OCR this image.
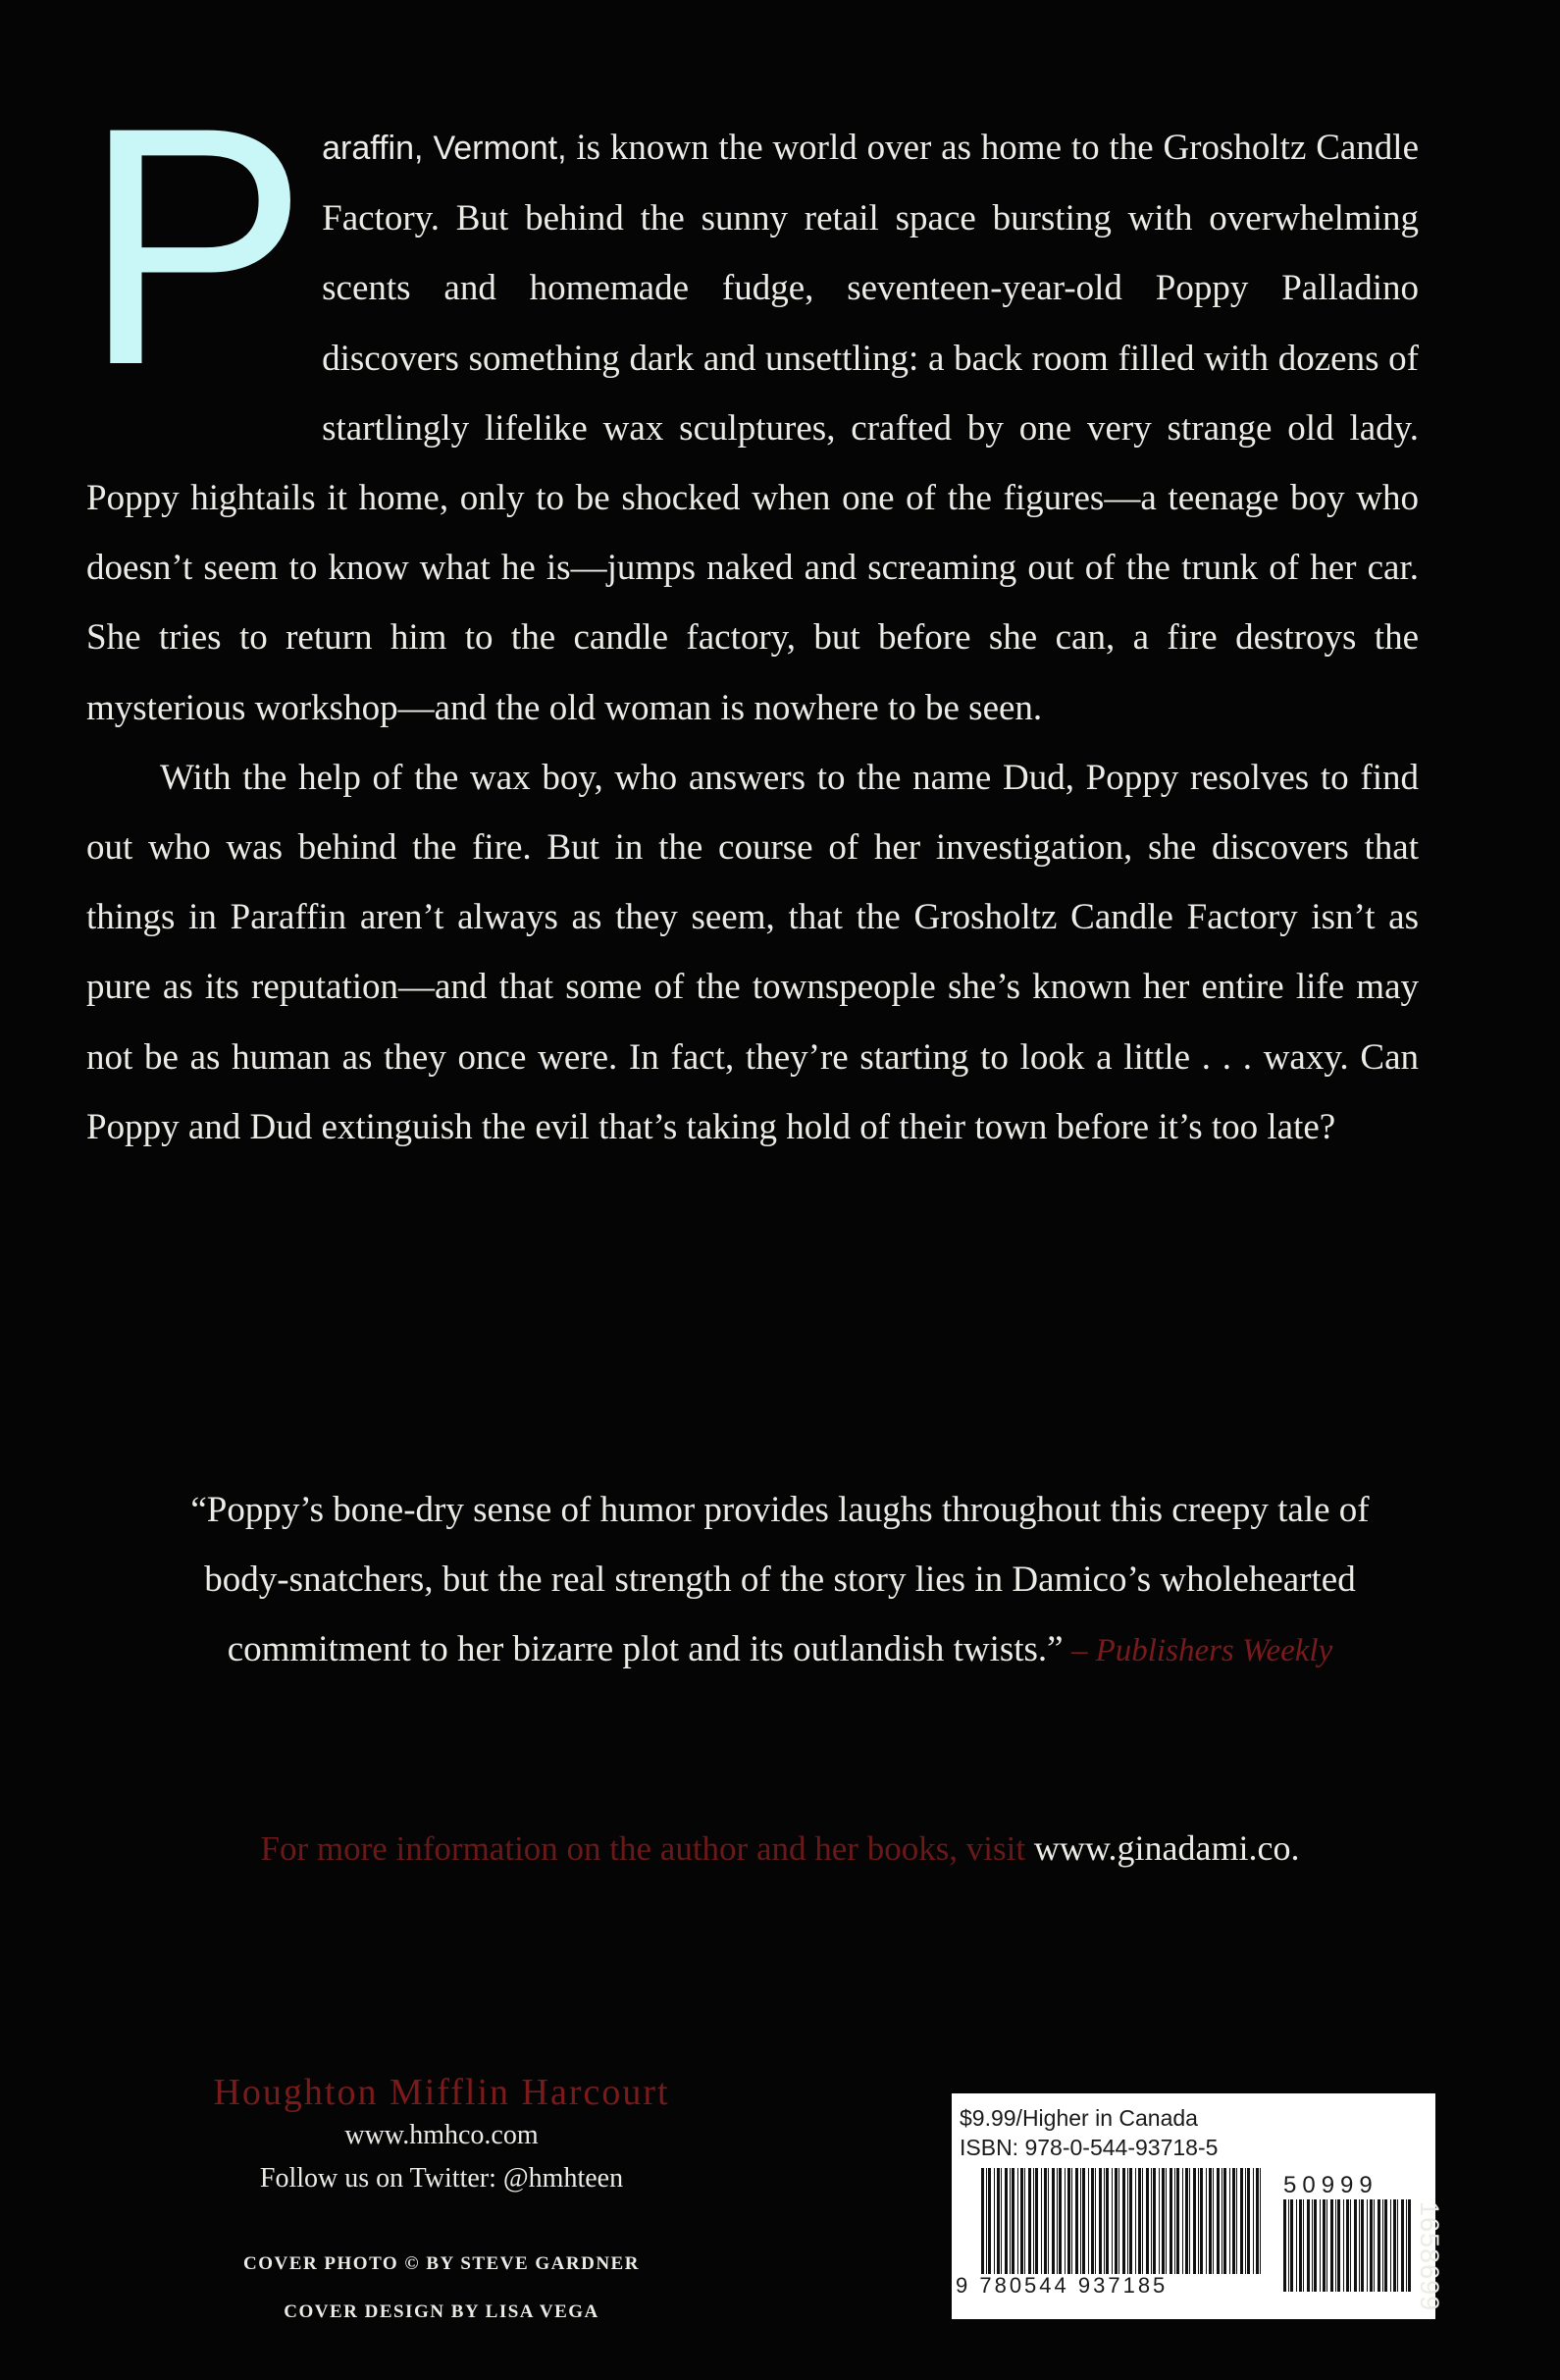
P araffin, Vermont, is known the world over as home to the Grosholtz Candle Factory. But behind the sunny retail space bursting with overwhelming scents and homemade fudge, seventeen-year-old Poppy Palladino discovers something dark and unsettling: a back room filled with dozens of startlingly lifelike wax sculptures, crafted by one very strange old lady. Poppy hightails it home, only to be shocked when one of the figures—a teenage boy who doesn’t seem to know what he is—jumps naked and screaming out of the trunk of her car. She tries to return him to the candle factory, but before she can, a fire destroys the mysterious workshop—and the old woman is nowhere to be seen.

With the help of the wax boy, who answers to the name Dud, Poppy resolves to find out who was behind the fire. But in the course of her investigation, she discovers that things in Paraffin aren’t always as they seem, that the Grosholtz Candle Factory isn’t as pure as its reputation—and that some of the townspeople she’s known her entire life may not be as human as they once were. In fact, they’re starting to look a little . . . waxy. Can Poppy and Dud extinguish the evil that’s taking hold of their town before it’s too late?

“Poppy’s bone-dry sense of humor provides laughs throughout this creepy tale of body-snatchers, but the real strength of the story lies in Damico’s wholehearted commitment to her bizarre plot and its outlandish twists.” – Publishers Weekly

For more information on the author and her books, visit www.ginadami.co.

Houghton Mifflin Harcourt
www.hmhco.com
Follow us on Twitter: @hmhteen
COVER PHOTO © BY STEVE GARDNER
COVER DESIGN BY LISA VEGA
$9.99/Higher in Canada
ISBN: 978-0-544-93718-5
9 780544 937185
50999
1658699
